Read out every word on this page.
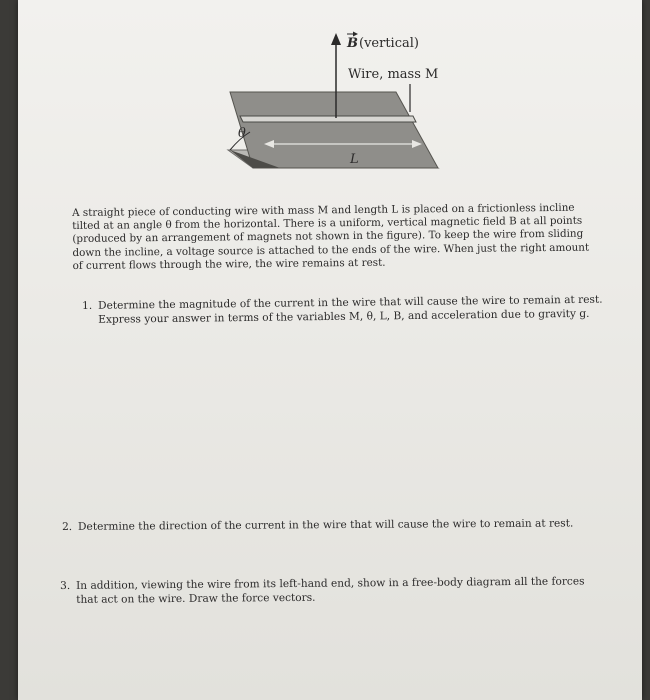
B (vertical)
Wire, mass M
θ
L
A straight piece of conducting wire with mass M and length L is placed on a frictionless incline
tilted at an angle θ from the horizontal. There is a uniform, vertical magnetic field B at all points
(produced by an arrangement of magnets not shown in the figure). To keep the wire from sliding
down the incline, a voltage source is attached to the ends of the wire. When just the right amount
of current flows through the wire, the wire remains at rest.
1. Determine the magnitude of the current in the wire that will cause the wire to remain at rest.
Express your answer in terms of the variables M, θ, L, B, and acceleration due to gravity g.
2. Determine the direction of the current in the wire that will cause the wire to remain at rest.
3. In addition, viewing the wire from its left-hand end, show in a free-body diagram all the forces
that act on the wire. Draw the force vectors.
